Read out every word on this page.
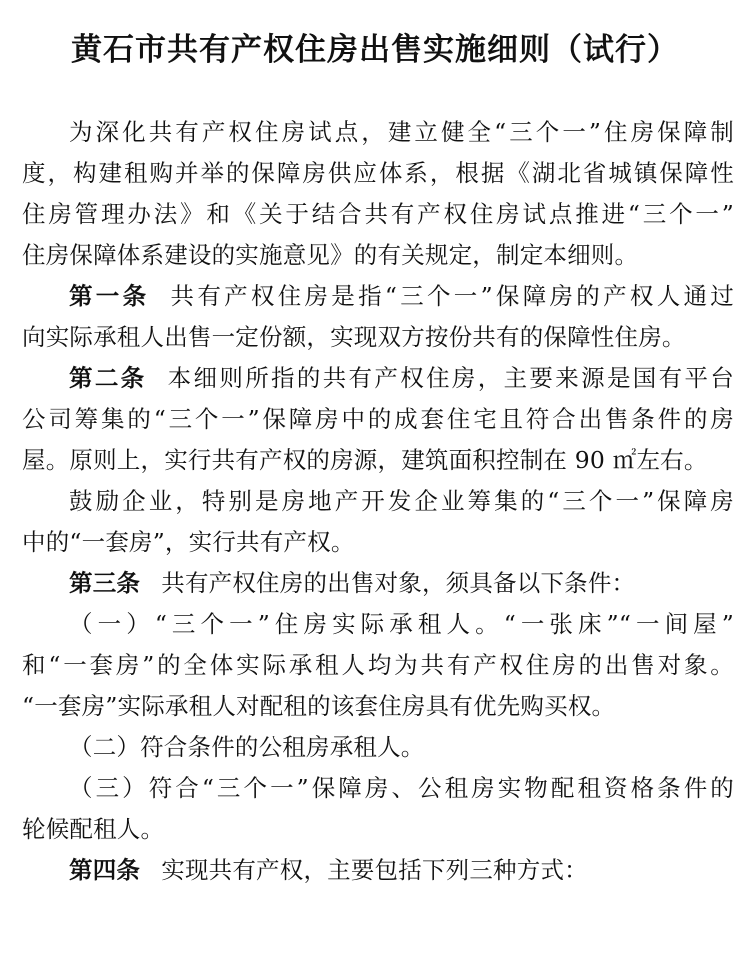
黄石市共有产权住房出售实施细则（试行）
为深化共有产权住房试点，建立健全“三个一”住房保障制
度，构建租购并举的保障房供应体系，根据《湖北省城镇保障性
住房管理办法》和《关于结合共有产权住房试点推进“三个一”
住房保障体系建设的实施意见》的有关规定，制定本细则。
第一条 共有产权住房是指“三个一”保障房的产权人通过
向实际承租人出售一定份额，实现双方按份共有的保障性住房。
第二条 本细则所指的共有产权住房，主要来源是国有平台
公司筹集的“三个一”保障房中的成套住宅且符合出售条件的房
屋。原则上，实行共有产权的房源，建筑面积控制在 90 ㎡左右。
鼓励企业，特别是房地产开发企业筹集的“三个一”保障房
中的“一套房”，实行共有产权。
第三条 共有产权住房的出售对象，须具备以下条件：
（一）“三个一”住房实际承租人。“一张床”“一间屋”
和“一套房”的全体实际承租人均为共有产权住房的出售对象。
“一套房”实际承租人对配租的该套住房具有优先购买权。
（二）符合条件的公租房承租人。
（三）符合“三个一”保障房、公租房实物配租资格条件的
轮候配租人。
第四条 实现共有产权，主要包括下列三种方式：
